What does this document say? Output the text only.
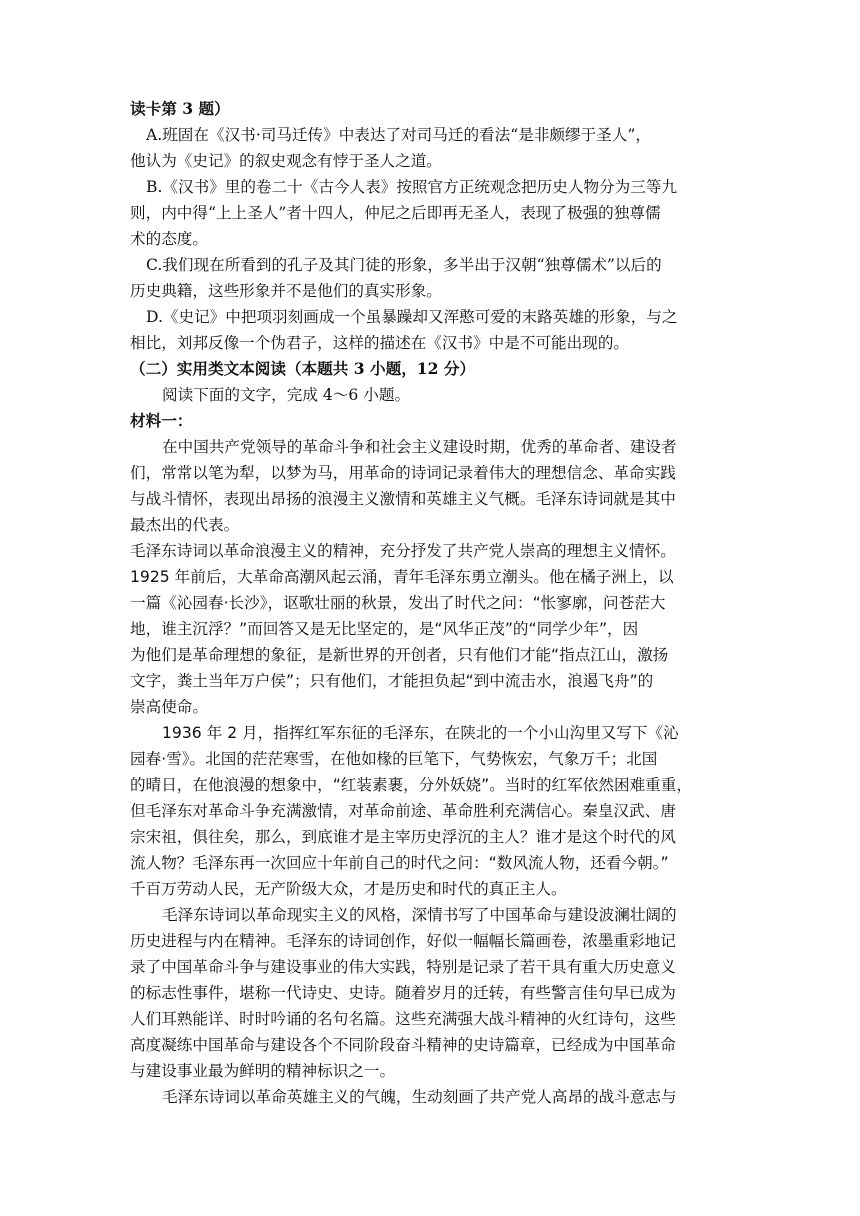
读卡第 3 题）
A.班固在《汉书·司马迁传》中表达了对司马迁的看法“是非颇缪于圣人”，
他认为《史记》的叙史观念有悖于圣人之道。
B.《汉书》里的卷二十《古今人表》按照官方正统观念把历史人物分为三等九
则，内中得“上上圣人”者十四人，仲尼之后即再无圣人，表现了极强的独尊儒
术的态度。
C.我们现在所看到的孔子及其门徒的形象，多半出于汉朝“独尊儒术”以后的
历史典籍，这些形象并不是他们的真实形象。
D.《史记》中把项羽刻画成一个虽暴躁却又浑憨可爱的末路英雄的形象，与之
相比，刘邦反像一个伪君子，这样的描述在《汉书》中是不可能出现的。
（二）实用类文本阅读（本题共 3 小题，12 分）
阅读下面的文字，完成 4～6 小题。
材料一：
在中国共产党领导的革命斗争和社会主义建设时期，优秀的革命者、建设者
们，常常以笔为犁，以梦为马，用革命的诗词记录着伟大的理想信念、革命实践
与战斗情怀，表现出昂扬的浪漫主义激情和英雄主义气概。毛泽东诗词就是其中
最杰出的代表。
毛泽东诗词以革命浪漫主义的精神，充分抒发了共产党人崇高的理想主义情怀。
1925 年前后，大革命高潮风起云涌，青年毛泽东勇立潮头。他在橘子洲上，以
一篇《沁园春·长沙》，讴歌壮丽的秋景，发出了时代之问：“怅寥廓，问苍茫大
地，谁主沉浮？”而回答又是无比坚定的，是“风华正茂”的“同学少年”，因
为他们是革命理想的象征，是新世界的开创者，只有他们才能“指点江山，激扬
文字，粪土当年万户侯”；只有他们，才能担负起“到中流击水，浪遏飞舟”的
崇高使命。
1936 年 2 月，指挥红军东征的毛泽东，在陕北的一个小山沟里又写下《沁
园春·雪》。北国的茫茫寒雪，在他如椽的巨笔下，气势恢宏，气象万千；北国
的晴日，在他浪漫的想象中，“红装素裹，分外妖娆”。当时的红军依然困难重重，
但毛泽东对革命斗争充满激情，对革命前途、革命胜利充满信心。秦皇汉武、唐
宗宋祖，俱往矣，那么，到底谁才是主宰历史浮沉的主人？谁才是这个时代的风
流人物？毛泽东再一次回应十年前自己的时代之问：“数风流人物，还看今朝。”
千百万劳动人民，无产阶级大众，才是历史和时代的真正主人。
毛泽东诗词以革命现实主义的风格，深情书写了中国革命与建设波澜壮阔的
历史进程与内在精神。毛泽东的诗词创作，好似一幅幅长篇画卷，浓墨重彩地记
录了中国革命斗争与建设事业的伟大实践，特别是记录了若干具有重大历史意义
的标志性事件，堪称一代诗史、史诗。随着岁月的迁转，有些警言佳句早已成为
人们耳熟能详、时时吟诵的名句名篇。这些充满强大战斗精神的火红诗句，这些
高度凝练中国革命与建设各个不同阶段奋斗精神的史诗篇章，已经成为中国革命
与建设事业最为鲜明的精神标识之一。
毛泽东诗词以革命英雄主义的气魄，生动刻画了共产党人高昂的战斗意志与
